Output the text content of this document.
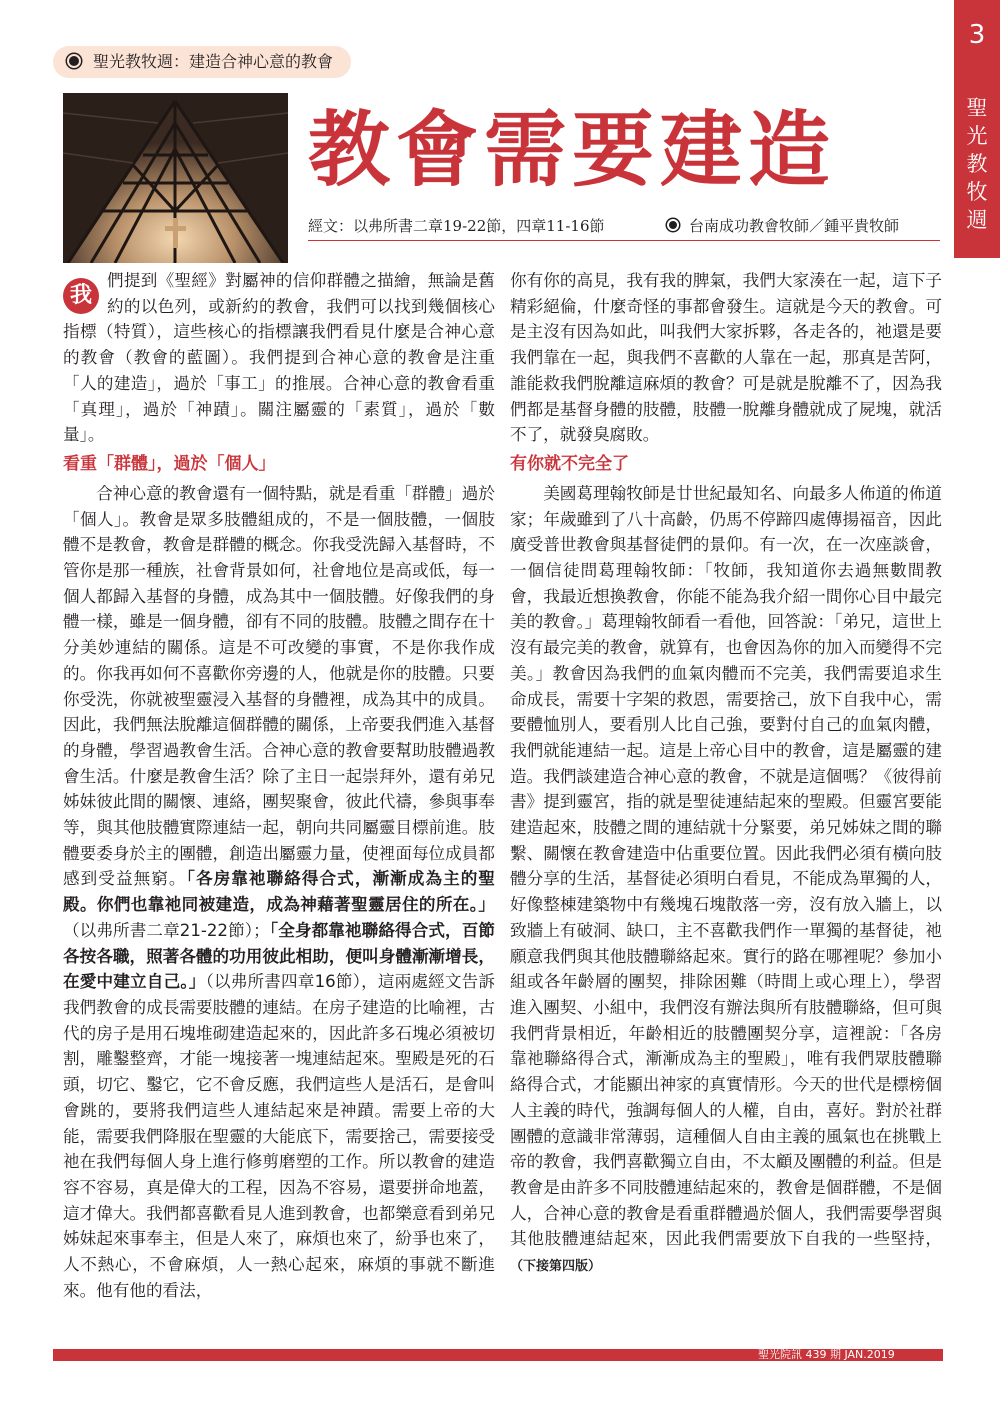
3
聖光教牧週
聖光教牧週：建造合神心意的教會
教會需要建造
經文：以弗所書二章19-22節，四章11-16節	台南成功教會牧師／鍾平貴牧師

我
們提到《聖經》對屬神的信仰群體之描繪，無論是舊約的以色列，或新約的教會，我們可以找到幾個核心指標（特質），這些核心的指標讓我們看見什麼是合神心意的教會（教會的藍圖）。我們提到合神心意的教會是注重「人的建造」，過於「事工」的推展。合神心意的教會看重「真理」，過於「神蹟」。關注屬靈的「素質」，過於「數量」。

看重「群體」，過於「個人」

合神心意的教會還有一個特點，就是看重「群體」過於「個人」。教會是眾多肢體組成的，不是一個肢體，一個肢體不是教會，教會是群體的概念。你我受洗歸入基督時，不管你是那一種族，社會背景如何，社會地位是高或低，每一個人都歸入基督的身體，成為其中一個肢體。好像我們的身體一樣，雖是一個身體，卻有不同的肢體。肢體之間存在十分美妙連結的關係。這是不可改變的事實，不是你我作成的。你我再如何不喜歡你旁邊的人，他就是你的肢體。只要你受洗，你就被聖靈浸入基督的身體裡，成為其中的成員。因此，我們無法脫離這個群體的關係，上帝要我們進入基督的身體，學習過教會生活。合神心意的教會要幫助肢體過教會生活。什麼是教會生活？除了主日一起崇拜外，還有弟兄姊妹彼此間的關懷、連絡，團契聚會，彼此代禱，參與事奉等，與其他肢體實際連結一起，朝向共同屬靈目標前進。肢體要委身於主的團體，創造出屬靈力量，使裡面每位成員都感到受益無窮。「各房靠祂聯絡得合式，漸漸成為主的聖殿。你們也靠祂同被建造，成為神藉著聖靈居住的所在。」（以弗所書二章21-22節）；「全身都靠祂聯絡得合式，百節各按各職，照著各體的功用彼此相助，便叫身體漸漸增長，在愛中建立自己。」（以弗所書四章16節），這兩處經文告訴我們教會的成長需要肢體的連結。在房子建造的比喻裡，古代的房子是用石塊堆砌建造起來的，因此許多石塊必須被切割，雕鑿整齊，才能一塊接著一塊連結起來。聖殿是死的石頭，切它、鑿它，它不會反應，我們這些人是活石，是會叫會跳的，要將我們這些人連結起來是神蹟。需要上帝的大能，需要我們降服在聖靈的大能底下，需要捨己，需要接受祂在我們每個人身上進行修剪磨塑的工作。所以教會的建造容不容易，真是偉大的工程，因為不容易，還要拼命地蓋，這才偉大。我們都喜歡看見人進到教會，也都樂意看到弟兄姊妹起來事奉主，但是人來了，麻煩也來了，紛爭也來了，人不熱心，不會麻煩，人一熱心起來，麻煩的事就不斷進來。他有他的看法，

你有你的高見，我有我的脾氣，我們大家湊在一起，這下子精彩絕倫，什麼奇怪的事都會發生。這就是今天的教會。可是主沒有因為如此，叫我們大家拆夥，各走各的，祂還是要我們靠在一起，與我們不喜歡的人靠在一起，那真是苦阿，誰能救我們脫離這麻煩的教會？可是就是脫離不了，因為我們都是基督身體的肢體，肢體一脫離身體就成了屍塊，就活不了，就發臭腐敗。

有你就不完全了

美國葛理翰牧師是廿世紀最知名、向最多人佈道的佈道家；年歲雖到了八十高齡，仍馬不停蹄四處傳揚福音，因此廣受普世教會與基督徒們的景仰。有一次，在一次座談會，一個信徒問葛理翰牧師：「牧師，我知道你去過無數間教會，我最近想換教會，你能不能為我介紹一間你心目中最完美的教會。」葛理翰牧師看一看他，回答說：「弟兄，這世上沒有最完美的教會，就算有，也會因為你的加入而變得不完美。」教會因為我們的血氣肉體而不完美，我們需要追求生命成長，需要十字架的救恩，需要捨己，放下自我中心，需要體恤別人，要看別人比自己強，要對付自己的血氣肉體，我們就能連結一起。這是上帝心目中的教會，這是屬靈的建造。我們談建造合神心意的教會，不就是這個嗎？《彼得前書》提到靈宮，指的就是聖徒連結起來的聖殿。但靈宮要能建造起來，肢體之間的連結就十分緊要，弟兄姊妹之間的聯繫、關懷在教會建造中佔重要位置。因此我們必須有橫向肢體分享的生活，基督徒必須明白看見，不能成為單獨的人，好像整棟建築物中有幾塊石塊散落一旁，沒有放入牆上，以致牆上有破洞、缺口，主不喜歡我們作一單獨的基督徒，祂願意我們與其他肢體聯絡起來。實行的路在哪裡呢？參加小組或各年齡層的團契，排除困難（時間上或心理上），學習進入團契、小組中，我們沒有辦法與所有肢體聯絡，但可與我們背景相近，年齡相近的肢體團契分享，這裡說：「各房靠祂聯絡得合式，漸漸成為主的聖殿」，唯有我們眾肢體聯絡得合式，才能顯出神家的真實情形。今天的世代是標榜個人主義的時代，強調每個人的人權，自由，喜好。對於社群團體的意識非常薄弱，這種個人自由主義的風氣也在挑戰上帝的教會，我們喜歡獨立自由，不太顧及團體的利益。但是教會是由許多不同肢體連結起來的，教會是個群體，不是個人，合神心意的教會是看重群體過於個人，我們需要學習與其他肢體連結起來，因此我們需要放下自我的一些堅持，（下接第四版）

聖光院訊 439 期 JAN.2019
